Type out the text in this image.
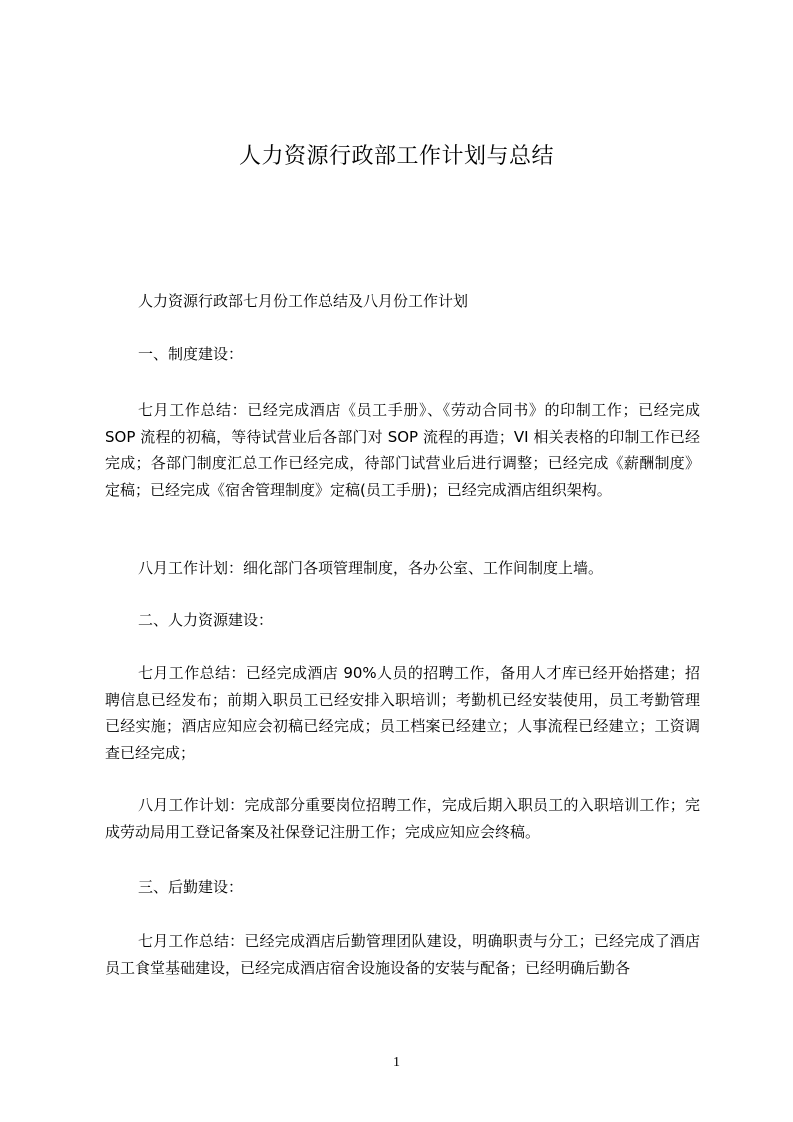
人力资源行政部工作计划与总结
人力资源行政部七月份工作总结及八月份工作计划
一、制度建设：

七月工作总结：已经完成酒店《员工手册》、《劳动合同书》的印制工作；已经完成 SOP 流程的初稿，等待试营业后各部门对 SOP 流程的再造；VI 相关表格的印制工作已经完成；各部门制度汇总工作已经完成，待部门试营业后进行调整；已经完成《薪酬制度》定稿；已经完成《宿舍管理制度》定稿(员工手册)；已经完成酒店组织架构。

八月工作计划：细化部门各项管理制度，各办公室、工作间制度上墙。

二、人力资源建设：

七月工作总结：已经完成酒店 90%人员的招聘工作，备用人才库已经开始搭建；招聘信息已经发布；前期入职员工已经安排入职培训；考勤机已经安装使用，员工考勤管理已经实施；酒店应知应会初稿已经完成；员工档案已经建立；人事流程已经建立；工资调查已经完成；

八月工作计划：完成部分重要岗位招聘工作，完成后期入职员工的入职培训工作；完成劳动局用工登记备案及社保登记注册工作；完成应知应会终稿。

三、后勤建设：

七月工作总结：已经完成酒店后勤管理团队建设，明确职责与分工；已经完成了酒店员工食堂基础建设，已经完成酒店宿舍设施设备的安装与配备；已经明确后勤各

1
